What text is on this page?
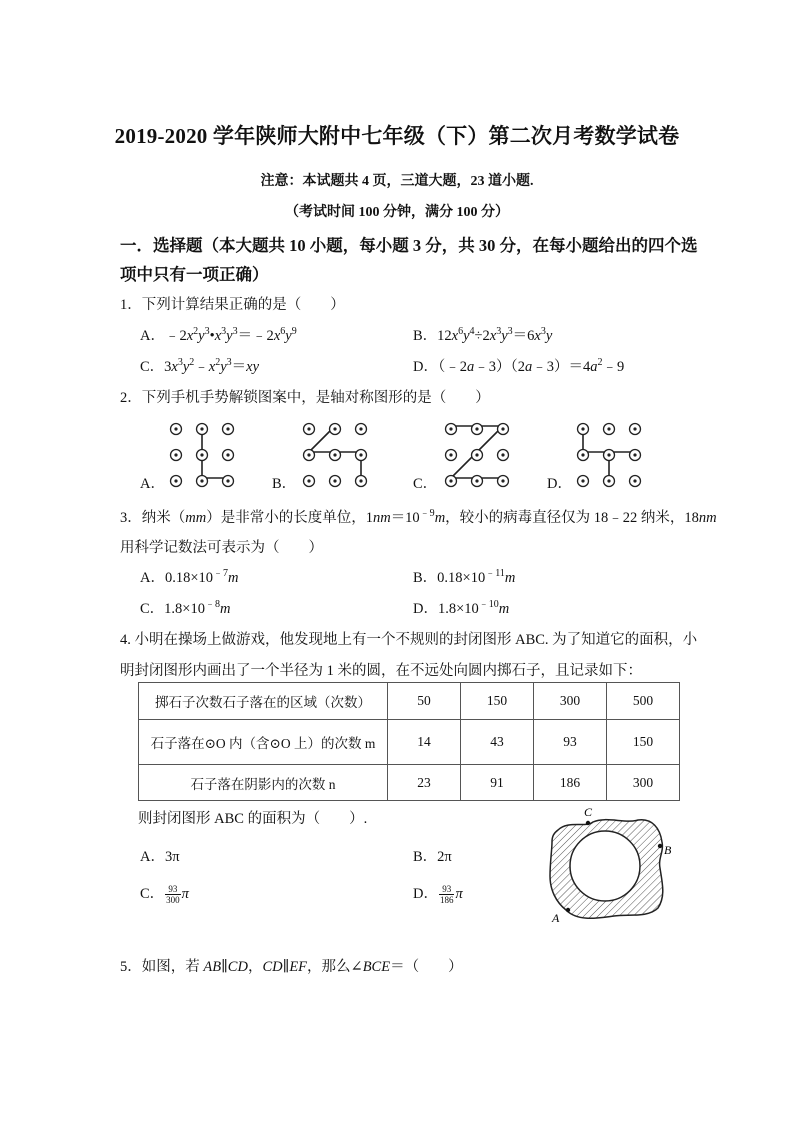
2019-2020 学年陕师大附中七年级（下）第二次月考数学试卷
注意：本试题共 4 页，三道大题，23 道小题.
（考试时间 100 分钟，满分 100 分）
一．选择题（本大题共 10 小题，每小题 3 分，共 30 分，在每小题给出的四个选
项中只有一项正确）
1．下列计算结果正确的是（　　）
A．$﹣2x^2y^3•x^3y^3=﹣2x^6y^9$	B．$12x^6y^4\div 2x^3y^3=6x^3y$
C．$3x^3y^2﹣x^2y^3=xy$	D．$(﹣2a﹣3)(2a﹣3)=4a^2﹣9$
2．下列手机手势解锁图案中，是轴对称图形的是（　　）
A．	B．	C．	D．
3．纳米（mm）是非常小的长度单位，$1nm=10^{﹣9}m$，较小的病毒直径仅为 18﹣22 纳米，18nm
用科学记数法可表示为（　　）
A．$0.18\times 10^{﹣7}m$	B．$0.18\times 10^{﹣11}m$
C．$1.8\times 10^{﹣8}m$	D．$1.8\times 10^{﹣10}m$
4. 小明在操场上做游戏，他发现地上有一个不规则的封闭图形 ABC. 为了知道它的面积，小
明封闭图形内画出了一个半径为 1 米的圆，在不远处向圆内掷石子，且记录如下：
掷石子次数石子落在的区域（次数）	50	150	300	500
石子落在⊙O 内（含⊙O 上）的次数 m	14	43	93	150
石子落在阴影内的次数 n	23	91	186	300
则封闭图形 ABC 的面积为（　　）.
A．3π	B．2π
C． $\frac{93}{300}$ π	D． $\frac{93}{186}$ π
C
B
A
5．如图，若 AB∥CD，CD∥EF，那么∠BCE＝（　　）
